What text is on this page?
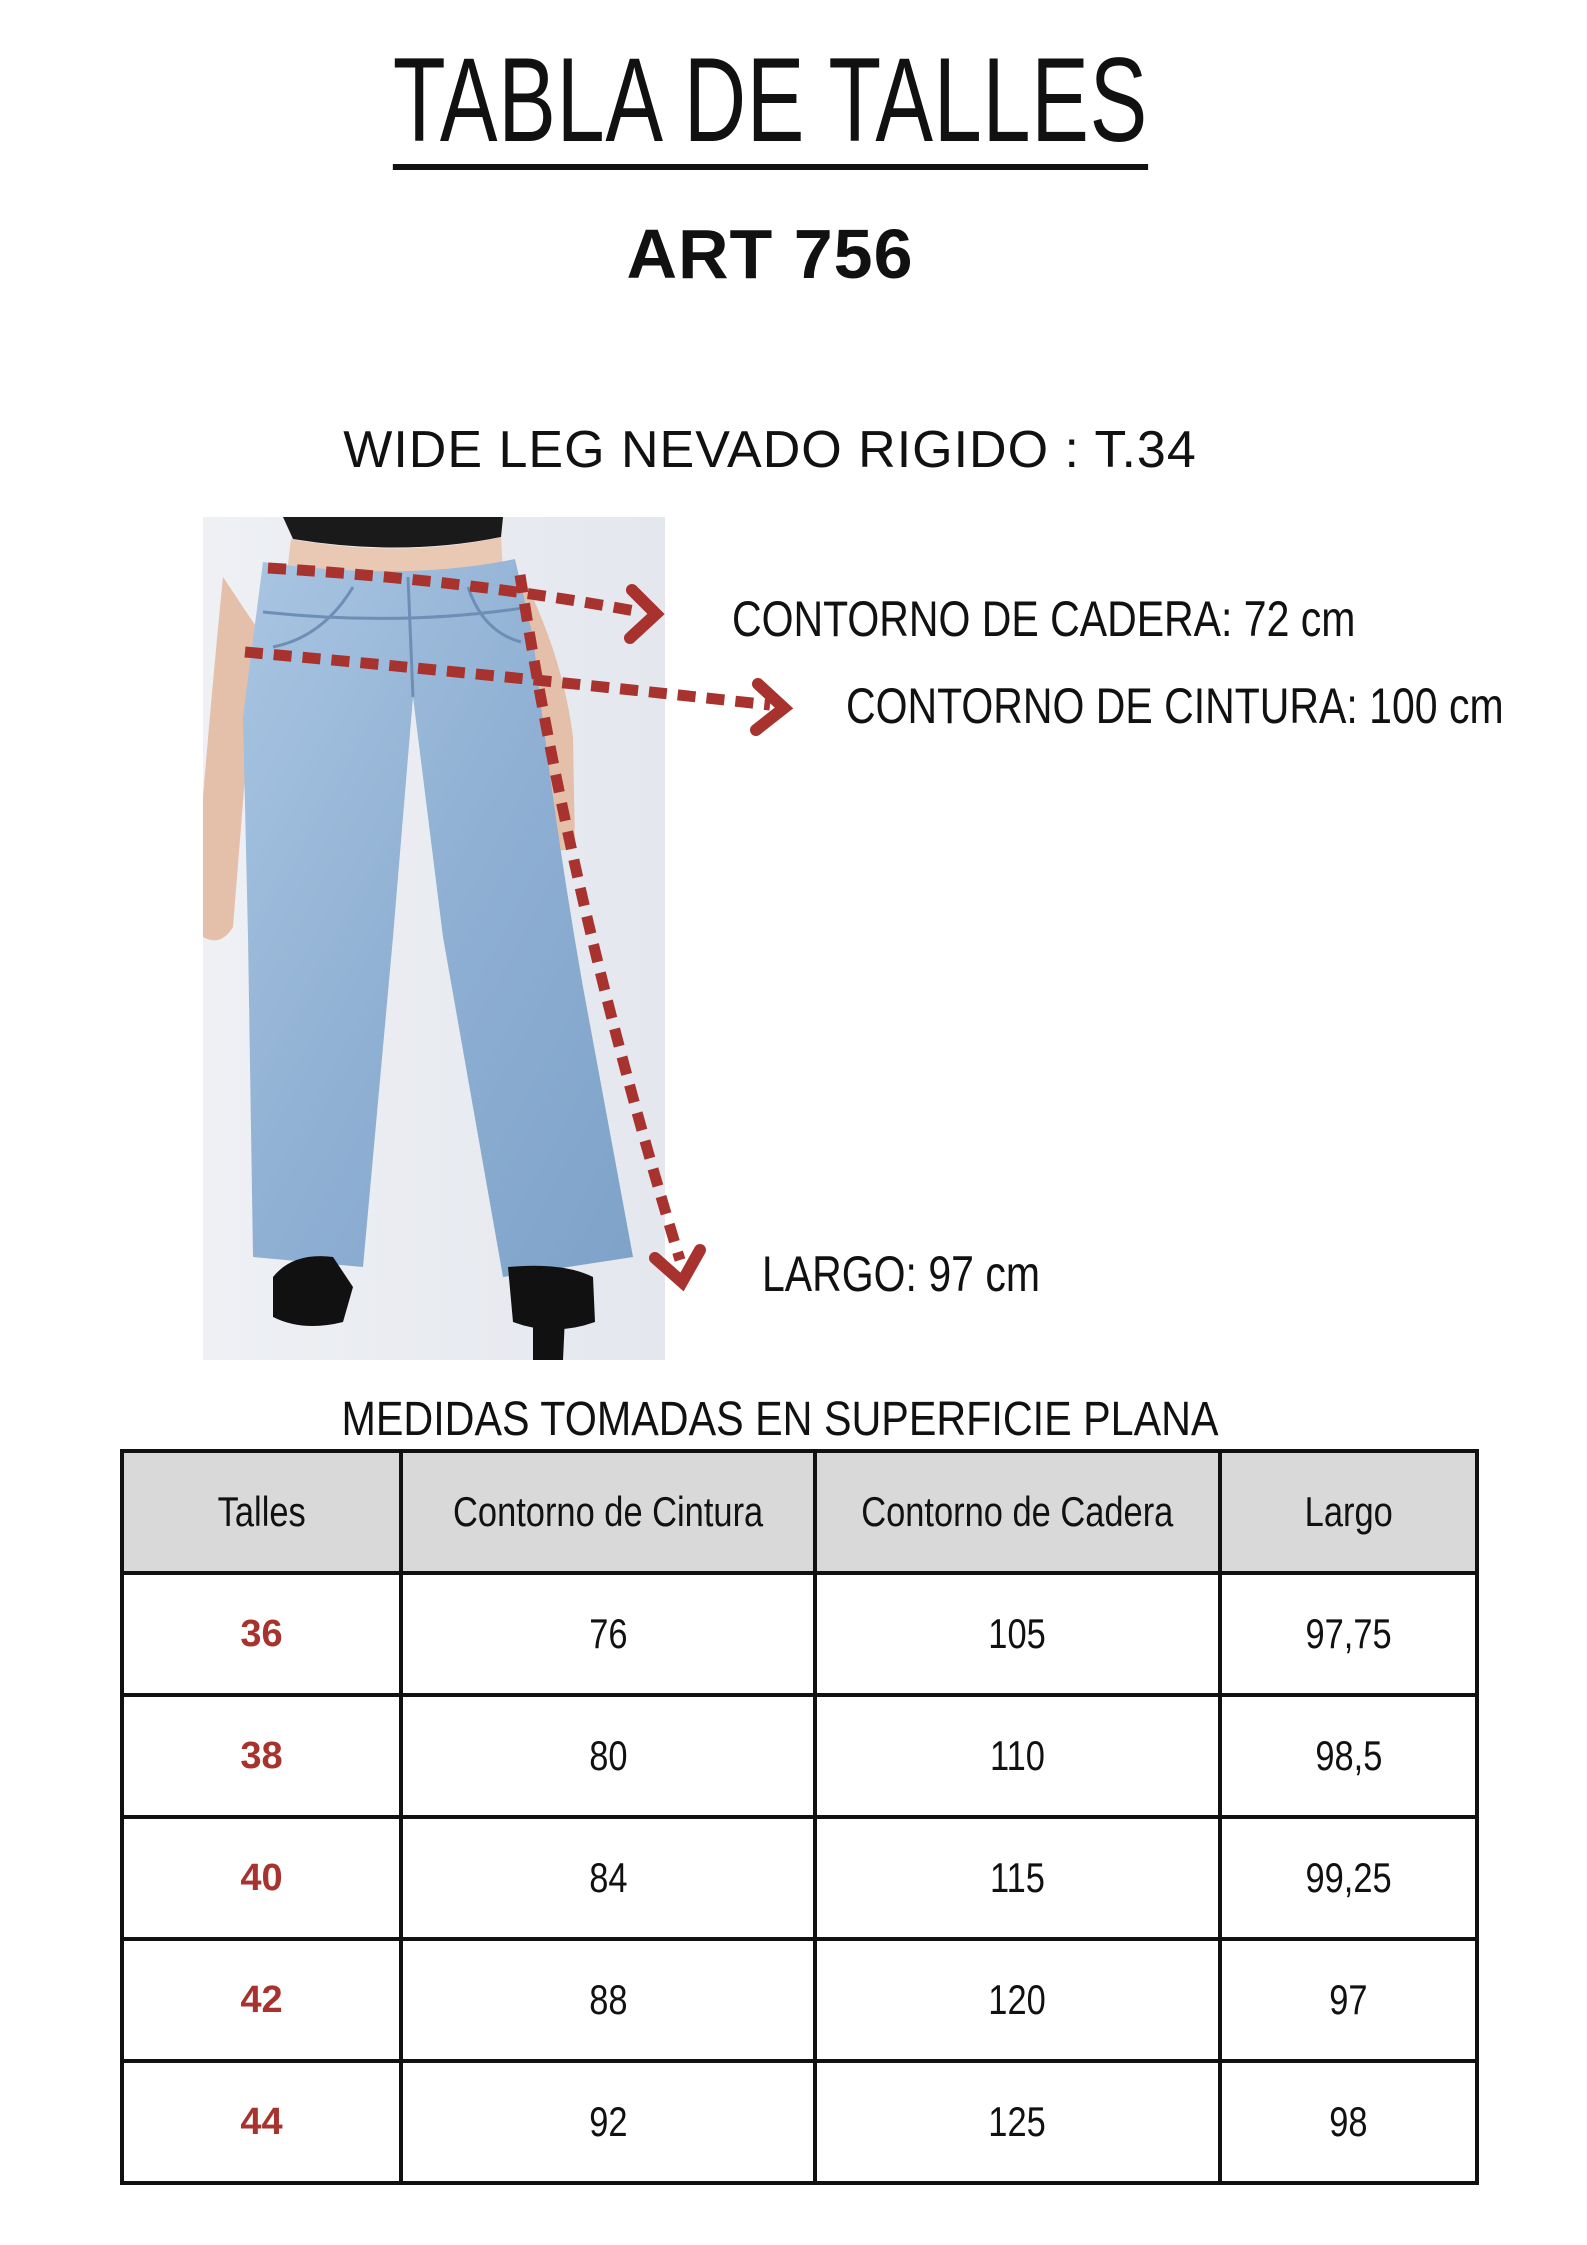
TABLA DE TALLES
ART 756
WIDE LEG NEVADO RIGIDO : T.34
CONTORNO DE CADERA: 72 cm
CONTORNO DE CINTURA: 100 cm
LARGO: 97 cm
MEDIDAS TOMADAS EN SUPERFICIE PLANA
Talles	Contorno de Cintura	Contorno de Cadera	Largo
36	76	105	97,75
38	80	110	98,5
40	84	115	99,25
42	88	120	97
44	92	125	98
